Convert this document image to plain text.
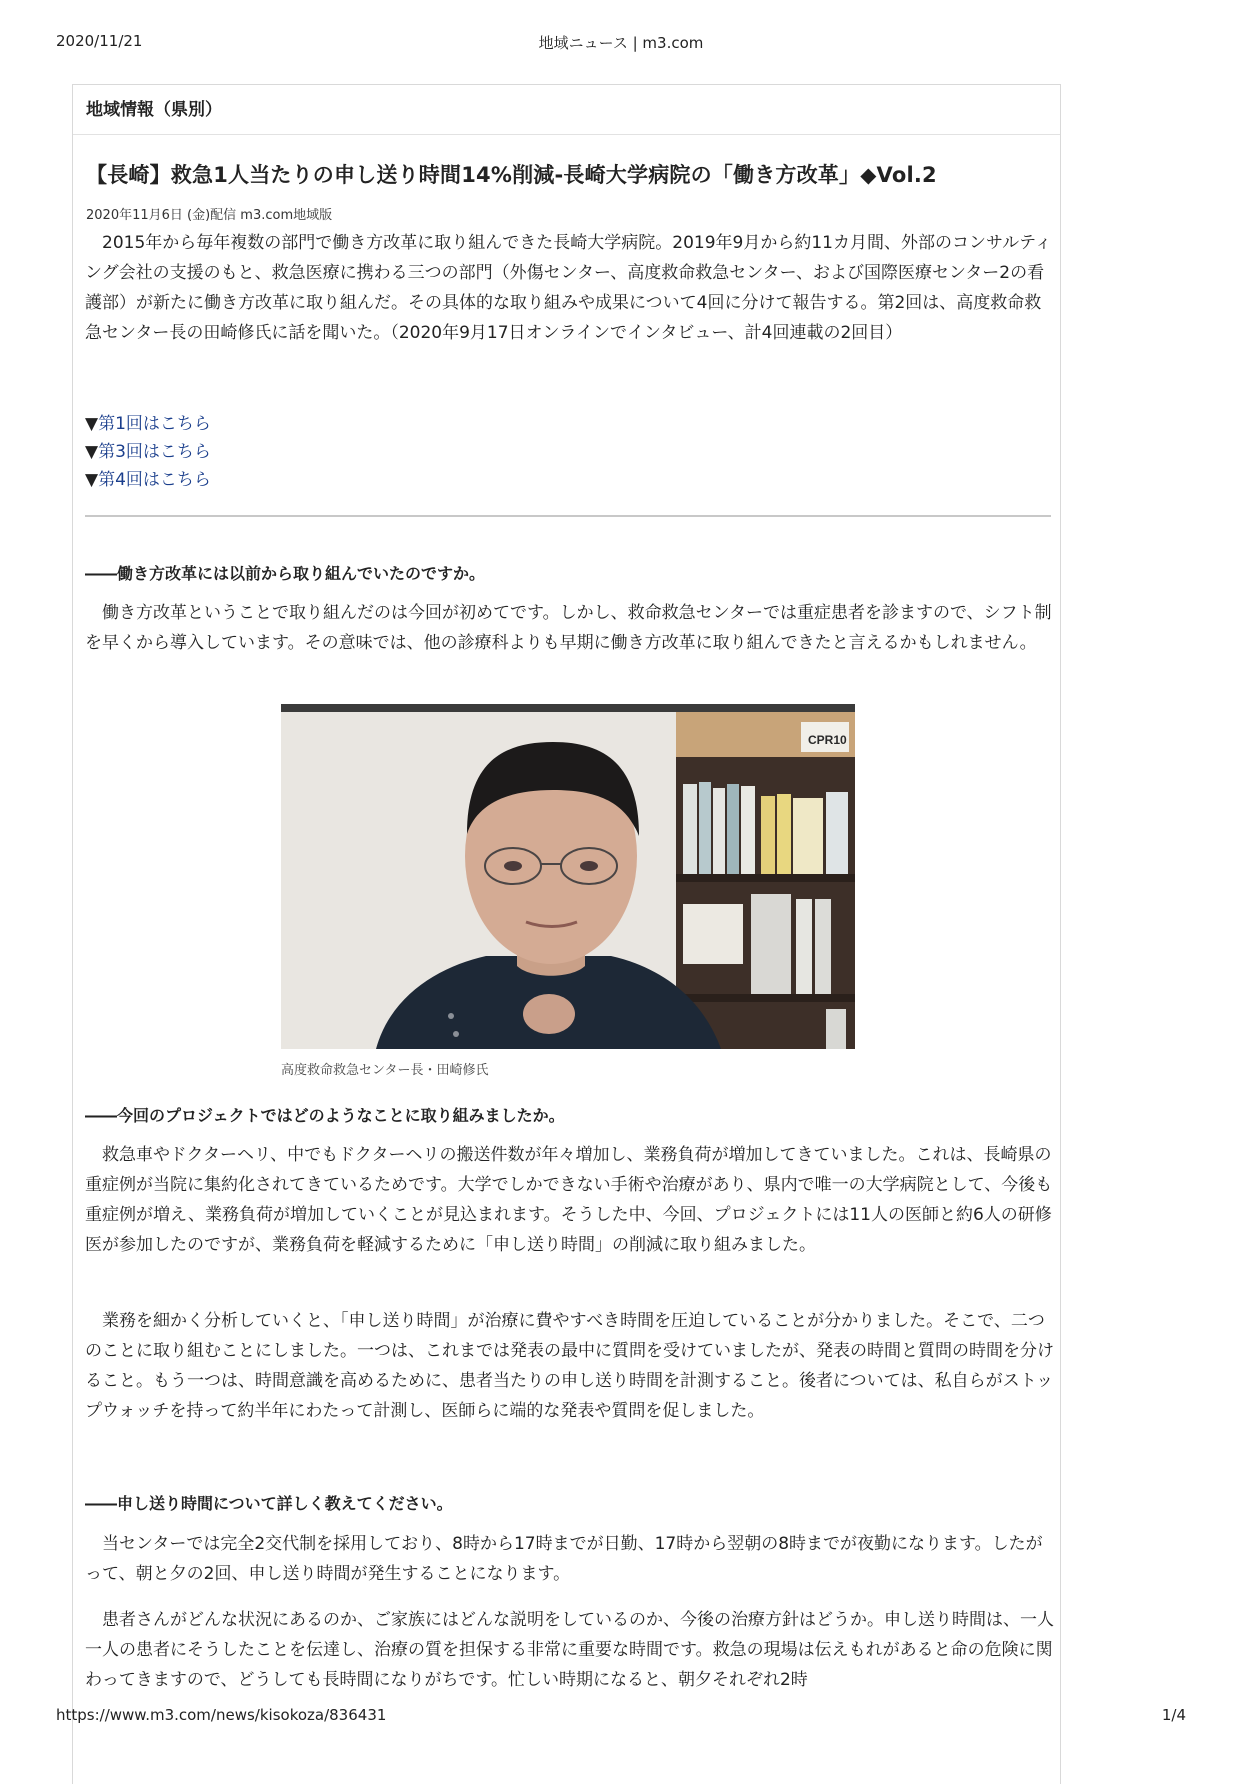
2020/11/21	地域ニュース | m3.com
地域情報（県別）
【長崎】救急1人当たりの申し送り時間14%削減-長崎大学病院の「働き方改革」◆Vol.2
2020年11月6日 (金)配信 m3.com地域版

2015年から毎年複数の部門で働き方改革に取り組んできた長崎大学病院。2019年9月から約11カ月間、外部のコンサルティング会社の支援のもと、救急医療に携わる三つの部門（外傷センター、高度救命救急センター、および国際医療センター2の看護部）が新たに働き方改革に取り組んだ。その具体的な取り組みや成果について4回に分けて報告する。第2回は、高度救命救急センター長の田崎修氏に話を聞いた。（2020年9月17日オンラインでインタビュー、計4回連載の2回目）

▼第1回はこちら
▼第3回はこちら
▼第4回はこちら
――働き方改革には以前から取り組んでいたのですか。

働き方改革ということで取り組んだのは今回が初めてです。しかし、救命救急センターでは重症患者を診ますので、シフト制を早くから導入しています。その意味では、他の診療科よりも早期に働き方改革に取り組んできたと言えるかもしれません。

CPR10
高度救命救急センター長・田崎修氏
――今回のプロジェクトではどのようなことに取り組みましたか。

救急車やドクターヘリ、中でもドクターヘリの搬送件数が年々増加し、業務負荷が増加してきていました。これは、長崎県の重症例が当院に集約化されてきているためです。大学でしかできない手術や治療があり、県内で唯一の大学病院として、今後も重症例が増え、業務負荷が増加していくことが見込まれます。そうした中、今回、プロジェクトには11人の医師と約6人の研修医が参加したのですが、業務負荷を軽減するために「申し送り時間」の削減に取り組みました。

業務を細かく分析していくと、「申し送り時間」が治療に費やすべき時間を圧迫していることが分かりました。そこで、二つのことに取り組むことにしました。一つは、これまでは発表の最中に質問を受けていましたが、発表の時間と質問の時間を分けること。もう一つは、時間意識を高めるために、患者当たりの申し送り時間を計測すること。後者については、私自らがストップウォッチを持って約半年にわたって計測し、医師らに端的な発表や質問を促しました。

――申し送り時間について詳しく教えてください。

当センターでは完全2交代制を採用しており、8時から17時までが日勤、17時から翌朝の8時までが夜勤になります。したがって、朝と夕の2回、申し送り時間が発生することになります。

患者さんがどんな状況にあるのか、ご家族にはどんな説明をしているのか、今後の治療方針はどうか。申し送り時間は、一人一人の患者にそうしたことを伝達し、治療の質を担保する非常に重要な時間です。救急の現場は伝えもれがあると命の危険に関わってきますので、どうしても長時間になりがちです。忙しい時期になると、朝夕それぞれ2時

https://www.m3.com/news/kisokoza/836431	1/4
